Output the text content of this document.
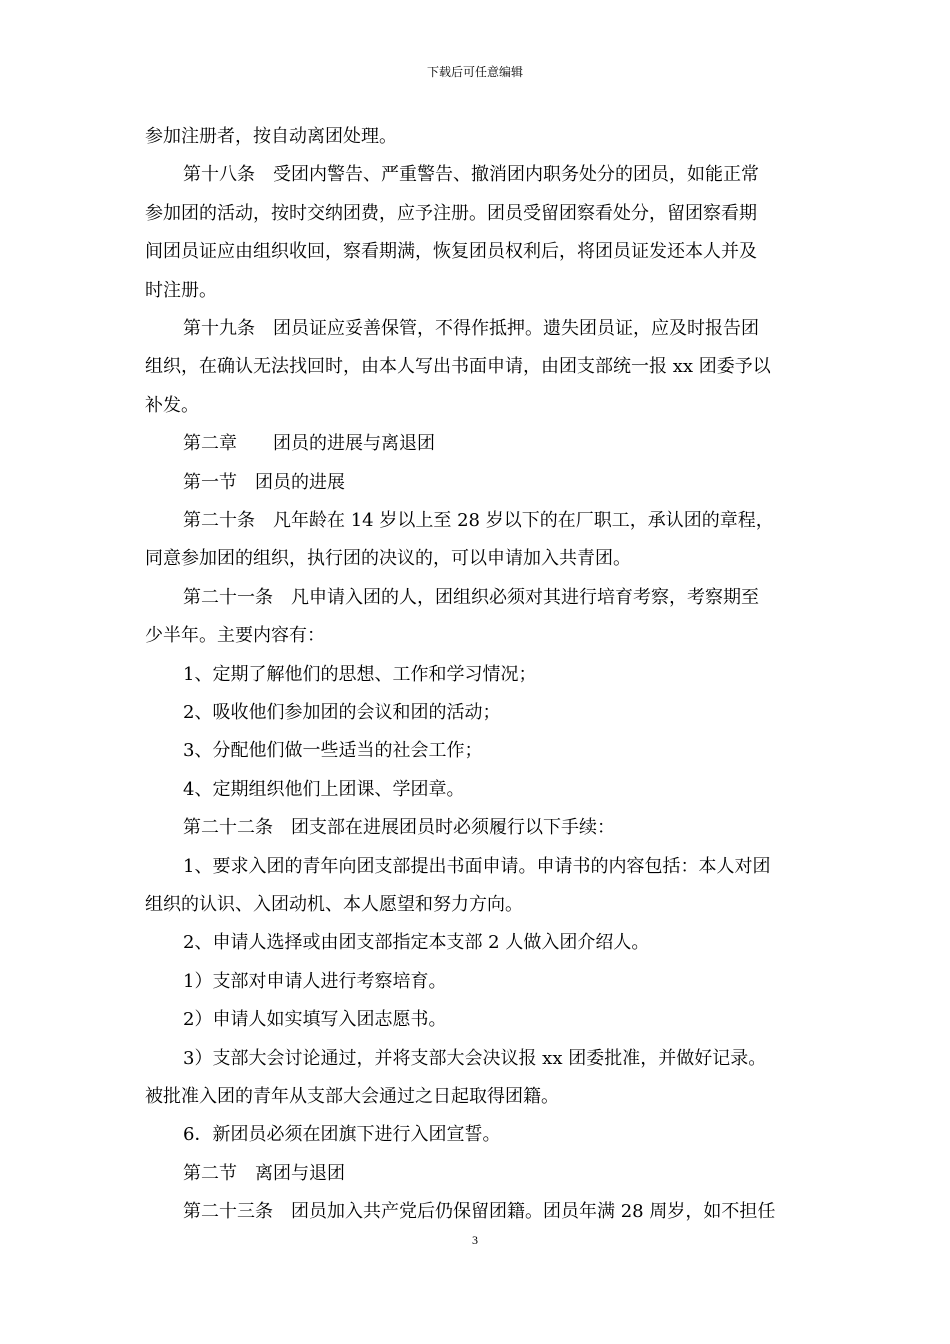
下载后可任意编辑
参加注册者，按自动离团处理。
第十八条　受团内警告、严重警告、撤消团内职务处分的团员，如能正常
参加团的活动，按时交纳团费，应予注册。团员受留团察看处分，留团察看期
间团员证应由组织收回，察看期满，恢复团员权利后，将团员证发还本人并及
时注册。
第十九条　团员证应妥善保管，不得作抵押。遗失团员证，应及时报告团
组织，在确认无法找回时，由本人写出书面申请，由团支部统一报 xx 团委予以
补发。
第二章　　团员的进展与离退团
第一节　团员的进展
第二十条　凡年龄在 14 岁以上至 28 岁以下的在厂职工，承认团的章程，
同意参加团的组织，执行团的决议的，可以申请加入共青团。
第二十一条　凡申请入团的人，团组织必须对其进行培育考察，考察期至
少半年。主要内容有：
1、定期了解他们的思想、工作和学习情况；
2、吸收他们参加团的会议和团的活动；
3、分配他们做一些适当的社会工作；
4、定期组织他们上团课、学团章。
第二十二条　团支部在进展团员时必须履行以下手续：
1、要求入团的青年向团支部提出书面申请。申请书的内容包括：本人对团
组织的认识、入团动机、本人愿望和努力方向。
2、申请人选择或由团支部指定本支部 2 人做入团介绍人。
1）支部对申请人进行考察培育。
2）申请人如实填写入团志愿书。
3）支部大会讨论通过，并将支部大会决议报 xx 团委批准，并做好记录。
被批准入团的青年从支部大会通过之日起取得团籍。
6．新团员必须在团旗下进行入团宣誓。
第二节　离团与退团
第二十三条　团员加入共产党后仍保留团籍。团员年满 28 周岁，如不担任
3
